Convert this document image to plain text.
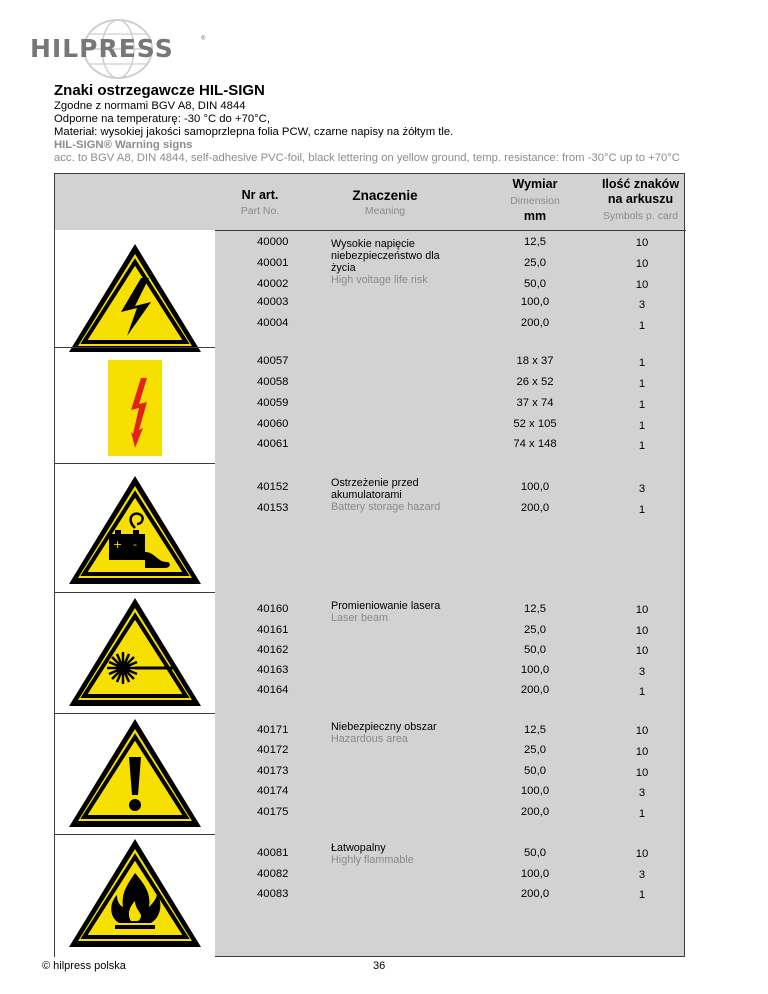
HILPRESS	®
Znaki ostrzegawcze HIL-SIGN
Zgodne z normami BGV A8, DIN 4844
Odporne na temperaturę: -30 °C do +70°C,
Materiał: wysokiej jakości samoprzlepna folia PCW, czarne napisy na żółtym tle.
HIL-SIGN® Warning signs
acc. to BGV A8, DIN 4844, self-adhesive PVC-foil, black lettering on yellow ground, temp. resistance: from -30°C up to +70°C
Nr art.
Part No.
Znaczenie
Meaning
Wymiar
Dimension
mm
Ilość znaków
na arkuszu
Symbols p. card
Wysokie napięcie
niebezpieczeństwo dla
życia
High voltage life risk
40000	12,5	10
40001	25,0	10
40002	50,0	10
40003	100,0	3
40004	200,0	1
40057	18 x 37	1
40058	26 x 52	1
40059	37 x 74	1
40060	52 x 105	1
40061	74 x 148	1
+ -
Ostrzeżenie przed
akumulatorami
Battery storage hazard
40152	100,0	3
40153	200,0	1
Promieniowanie lasera
Laser beam
40160	12,5	10
40161	25,0	10
40162	50,0	10
40163	100,0	3
40164	200,0	1
Niebezpieczny obszar
Hazardous area
40171	12,5	10
40172	25,0	10
40173	50,0	10
40174	100,0	3
40175	200,0	1
Łatwopalny
Highly flammable
40081	50,0	10
40082	100,0	3
40083	200,0	1
© hilpress polska	36
